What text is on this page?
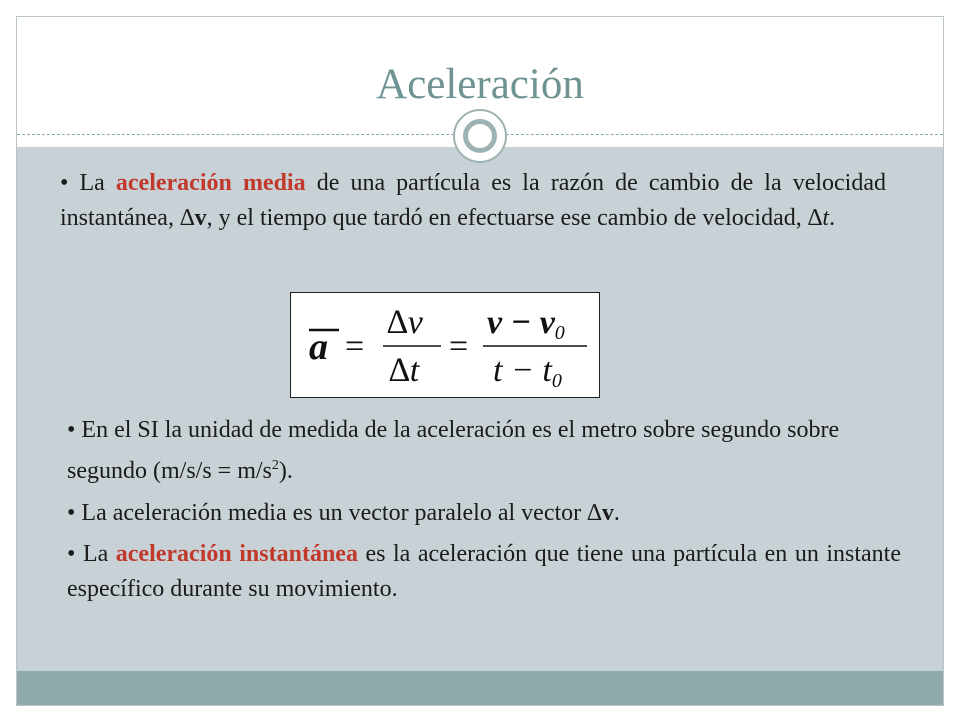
Aceleración

• La aceleración media de una partícula es la razón de cambio de la velocidad instantánea, ∆v, y el tiempo que tardó en efectuarse ese cambio de velocidad, ∆t.

a =
∆v
∆t
=
v − v0
t − t0

• En el SI la unidad de medida de la aceleración es el metro sobre segundo sobre segundo $(m/s/s = m/s^2)$.

• La aceleración media es un vector paralelo al vector ∆v.

• La aceleración instantánea es la aceleración que tiene una partícula en un instante específico durante su movimiento.
